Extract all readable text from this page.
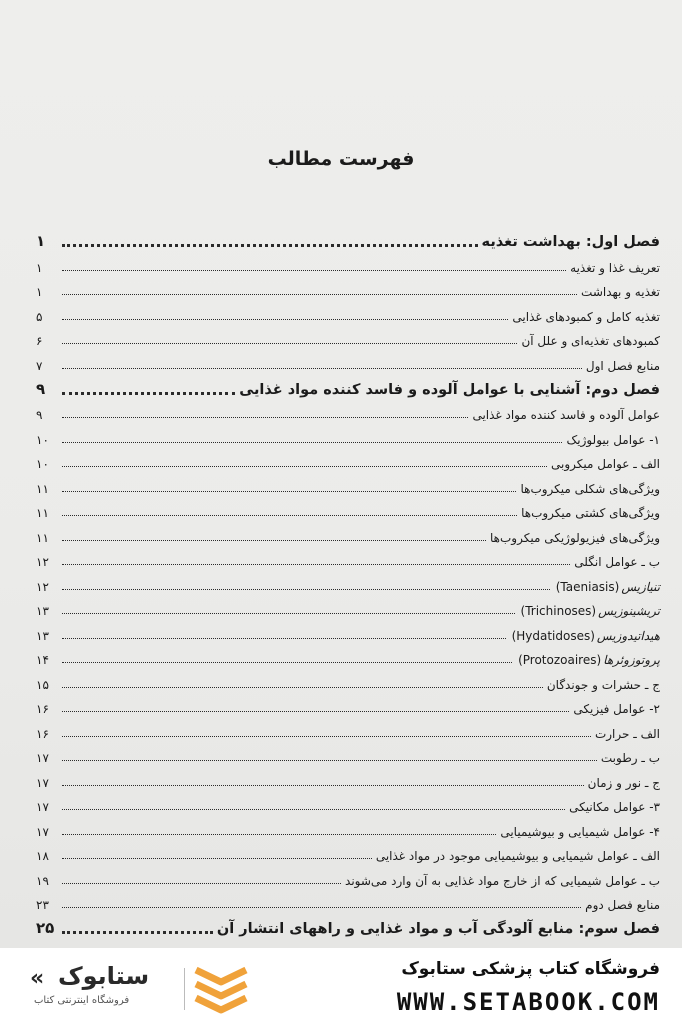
فهرست مطالب
فصل اول: بهداشت تغذیه
۱
تعریف غذا و تغذیه
۱
تغذیه و بهداشت
۱
تغذیه کامل و کمبودهای غذایی
۵
کمبودهای تغذیه‌ای و علل آن
۶
منابع فصل اول
۷
فصل دوم: آشنایی با عوامل آلوده و فاسد کننده مواد غذایی
۹
عوامل آلوده و فاسد کننده مواد غذایی
۹
۱- عوامل بیولوژیک
۱۰
الف ـ عوامل میکروبی
۱۰
ویژگی‌های شکلی میکروب‌ها
۱۱
ویژگی‌های کشتی میکروب‌ها
۱۱
ویژگی‌های فیزیولوژیکی میکروب‌ها
۱۱
ب ـ عوامل انگلی
۱۲
تنیازیس(Taeniasis)
۱۲
تریشینوزیس(Trichinoses)
۱۳
هیداتیدوزیس(Hydatidoses)
۱۳
پروتوزوئرها(Protozoaires)
۱۴
ج ـ حشرات و جوندگان
۱۵
۲- عوامل فیزیکی
۱۶
الف ـ حرارت
۱۶
ب ـ رطوبت
۱۷
ج ـ نور و زمان
۱۷
۳- عوامل مکانیکی
۱۷
۴- عوامل شیمیایی و بیوشیمیایی
۱۷
الف ـ عوامل شیمیایی و بیوشیمیایی موجود در مواد غذایی
۱۸
ب ـ عوامل شیمیایی که از خارج مواد غذایی به آن وارد می‌شوند
۱۹
منابع فصل دوم
۲۳
فصل سوم: منابع آلودگی آب و مواد غذایی و راههای انتشار آن
۲۵
فروشگاه کتاب پزشکی ستابوک
WWW.SETABOOK.COM
ستابوک
«
فروشگاه اینترنتی کتاب
